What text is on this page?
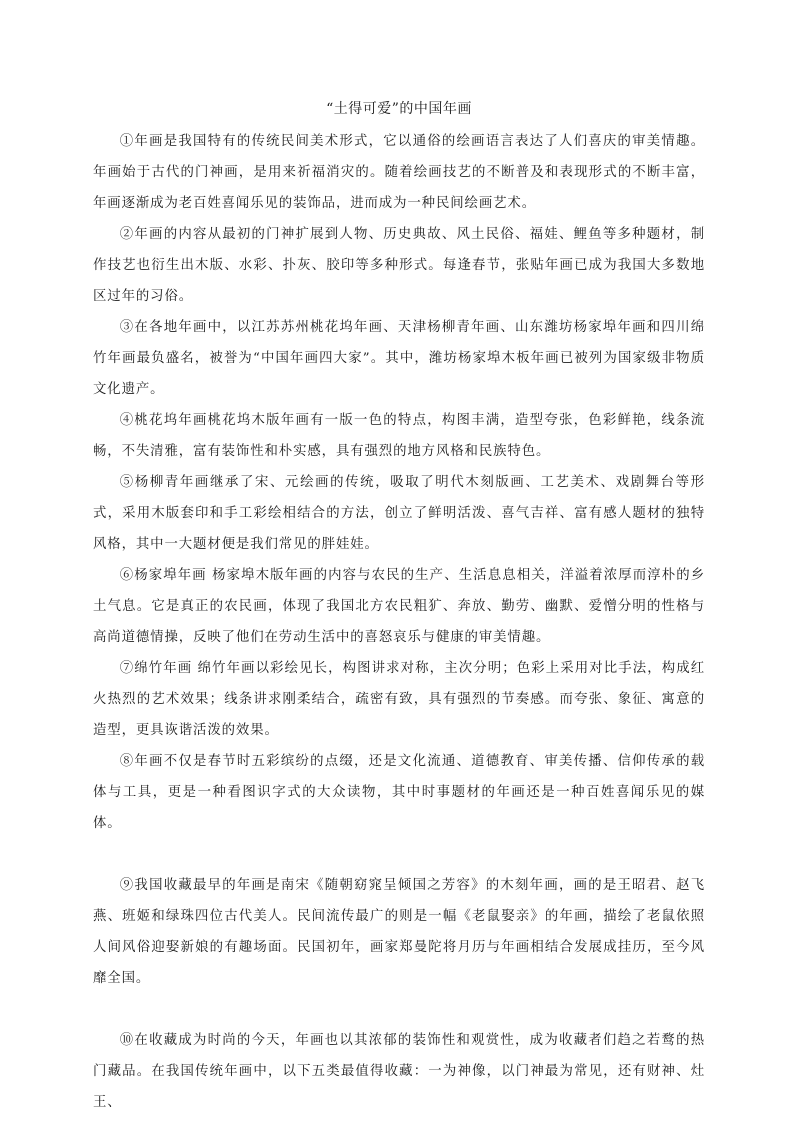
“土得可爱”的中国年画

①年画是我国特有的传统民间美术形式，它以通俗的绘画语言表达了人们喜庆的审美情趣。年画始于古代的门神画，是用来祈福消灾的。随着绘画技艺的不断普及和表现形式的不断丰富，年画逐渐成为老百姓喜闻乐见的装饰品，进而成为一种民间绘画艺术。

②年画的内容从最初的门神扩展到人物、历史典故、风土民俗、福娃、鲤鱼等多种题材，制作技艺也衍生出木版、水彩、扑灰、胶印等多种形式。每逢春节，张贴年画已成为我国大多数地区过年的习俗。

③在各地年画中，以江苏苏州桃花坞年画、天津杨柳青年画、山东潍坊杨家埠年画和四川绵竹年画最负盛名，被誉为“中国年画四大家”。其中，潍坊杨家埠木板年画已被列为国家级非物质文化遗产。

④桃花坞年画桃花坞木版年画有一版一色的特点，构图丰满，造型夸张，色彩鲜艳，线条流畅，不失清雅，富有装饰性和朴实感，具有强烈的地方风格和民族特色。

⑤杨柳青年画继承了宋、元绘画的传统，吸取了明代木刻版画、工艺美术、戏剧舞台等形式，采用木版套印和手工彩绘相结合的方法，创立了鲜明活泼、喜气吉祥、富有感人题材的独特风格，其中一大题材便是我们常见的胖娃娃。

⑥杨家埠年画 杨家埠木版年画的内容与农民的生产、生活息息相关，洋溢着浓厚而淳朴的乡土气息。它是真正的农民画，体现了我国北方农民粗犷、奔放、勤劳、幽默、爱憎分明的性格与高尚道德情操，反映了他们在劳动生活中的喜怒哀乐与健康的审美情趣。

⑦绵竹年画 绵竹年画以彩绘见长，构图讲求对称，主次分明；色彩上采用对比手法，构成红火热烈的艺术效果；线条讲求刚柔结合，疏密有致，具有强烈的节奏感。而夸张、象征、寓意的造型，更具诙谐活泼的效果。

⑧年画不仅是春节时五彩缤纷的点缀，还是文化流通、道德教育、审美传播、信仰传承的载体与工具，更是一种看图识字式的大众读物，其中时事题材的年画还是一种百姓喜闻乐见的媒体。

⑨我国收藏最早的年画是南宋《随朝窈窕呈倾国之芳容》的木刻年画，画的是王昭君、赵飞燕、班姬和绿珠四位古代美人。民间流传最广的则是一幅《老鼠娶亲》的年画，描绘了老鼠依照人间风俗迎娶新娘的有趣场面。民国初年，画家郑曼陀将月历与年画相结合发展成挂历，至今风靡全国。

⑩在收藏成为时尚的今天，年画也以其浓郁的装饰性和观赏性，成为收藏者们趋之若鹜的热门藏品。在我国传统年画中，以下五类最值得收藏：一为神像，以门神最为常见，还有财神、灶王、
